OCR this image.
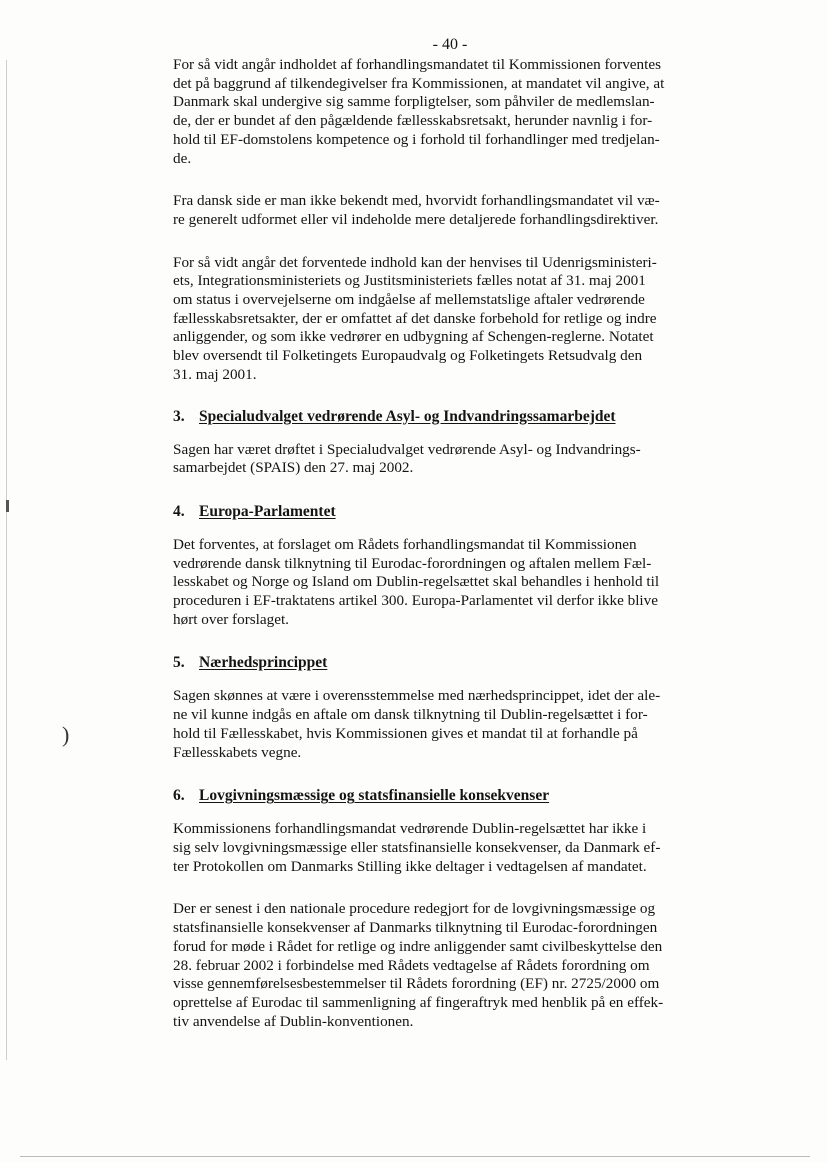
)
- 40 -

For så vidt angår indholdet af forhandlingsmandatet til Kommissionen forventes
det på baggrund af tilkendegivelser fra Kommissionen, at mandatet vil angive, at
Danmark skal undergive sig samme forpligtelser, som påhviler de medlemslan-
de, der er bundet af den pågældende fællesskabsretsakt, herunder navnlig i for-
hold til EF-domstolens kompetence og i forhold til forhandlinger med tredjelan-
de.

Fra dansk side er man ikke bekendt med, hvorvidt forhandlingsmandatet vil væ-
re generelt udformet eller vil indeholde mere detaljerede forhandlingsdirektiver.

For så vidt angår det forventede indhold kan der henvises til Udenrigsministeri-
ets, Integrationsministeriets og Justitsministeriets fælles notat af 31. maj 2001
om status i overvejelserne om indgåelse af mellemstatslige aftaler vedrørende
fællesskabsretsakter, der er omfattet af det danske forbehold for retlige og indre
anliggender, og som ikke vedrører en udbygning af Schengen-reglerne. Notatet
blev oversendt til Folketingets Europaudvalg og Folketingets Retsudvalg den
31. maj 2001.

3. Specialudvalget vedrørende Asyl- og Indvandringssamarbejdet

Sagen har været drøftet i Specialudvalget vedrørende Asyl- og Indvandrings-
samarbejdet (SPAIS) den 27. maj 2002.

4. Europa-Parlamentet

Det forventes, at forslaget om Rådets forhandlingsmandat til Kommissionen
vedrørende dansk tilknytning til Eurodac-forordningen og aftalen mellem Fæl-
lesskabet og Norge og Island om Dublin-regelsættet skal behandles i henhold til
proceduren i EF-traktatens artikel 300. Europa-Parlamentet vil derfor ikke blive
hørt over forslaget.

5. Nærhedsprincippet

Sagen skønnes at være i overensstemmelse med nærhedsprincippet, idet der ale-
ne vil kunne indgås en aftale om dansk tilknytning til Dublin-regelsættet i for-
hold til Fællesskabet, hvis Kommissionen gives et mandat til at forhandle på
Fællesskabets vegne.

6. Lovgivningsmæssige og statsfinansielle konsekvenser

Kommissionens forhandlingsmandat vedrørende Dublin-regelsættet har ikke i
sig selv lovgivningsmæssige eller statsfinansielle konsekvenser, da Danmark ef-
ter Protokollen om Danmarks Stilling ikke deltager i vedtagelsen af mandatet.

Der er senest i den nationale procedure redegjort for de lovgivningsmæssige og
statsfinansielle konsekvenser af Danmarks tilknytning til Eurodac-forordningen
forud for møde i Rådet for retlige og indre anliggender samt civilbeskyttelse den
28. februar 2002 i forbindelse med Rådets vedtagelse af Rådets forordning om
visse gennemførelsesbestemmelser til Rådets forordning (EF) nr. 2725/2000 om
oprettelse af Eurodac til sammenligning af fingeraftryk med henblik på en effek-
tiv anvendelse af Dublin-konventionen.
